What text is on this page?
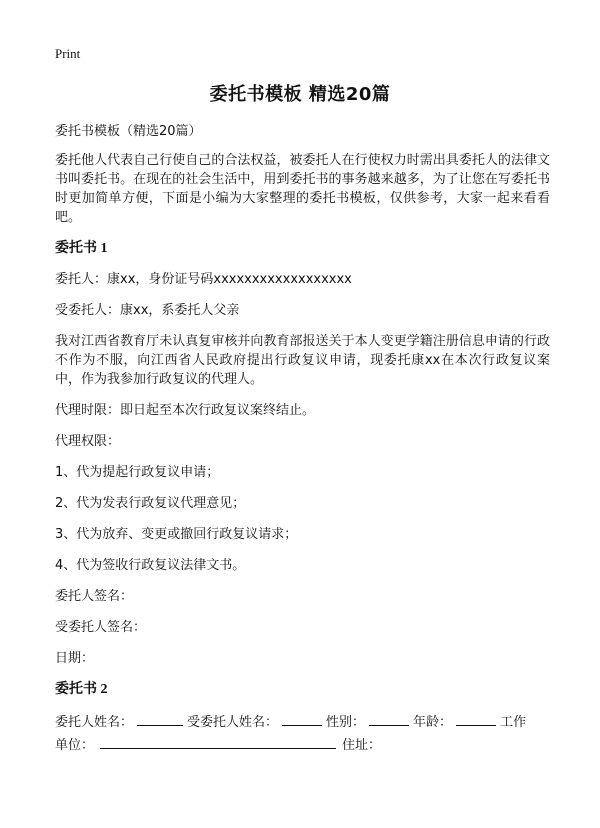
Print
委托书模板 精选20篇

委托书模板（精选20篇）

委托他人代表自己行使自己的合法权益，被委托人在行使权力时需出具委托人的法律文书叫委托书。在现在的社会生活中，用到委托书的事务越来越多，为了让您在写委托书时更加简单方便，下面是小编为大家整理的委托书模板，仅供参考，大家一起来看看吧。

委托书 1

委托人：康xx，身份证号码xxxxxxxxxxxxxxxxxx

受委托人：康xx，系委托人父亲

我对江西省教育厅未认真复审核并向教育部报送关于本人变更学籍注册信息申请的行政不作为不服，向江西省人民政府提出行政复议申请，现委托康xx在本次行政复议案中，作为我参加行政复议的代理人。

代理时限：即日起至本次行政复议案终结止。

代理权限：

1、代为提起行政复议申请；

2、代为发表行政复议代理意见；

3、代为放弃、变更或撤回行政复议请求；

4、代为签收行政复议法律文书。

委托人签名：

受委托人签名：

日期：

委托书 2
委托人姓名：	受委托人姓名：	性别：	年龄：	工作
单位：	住址：
